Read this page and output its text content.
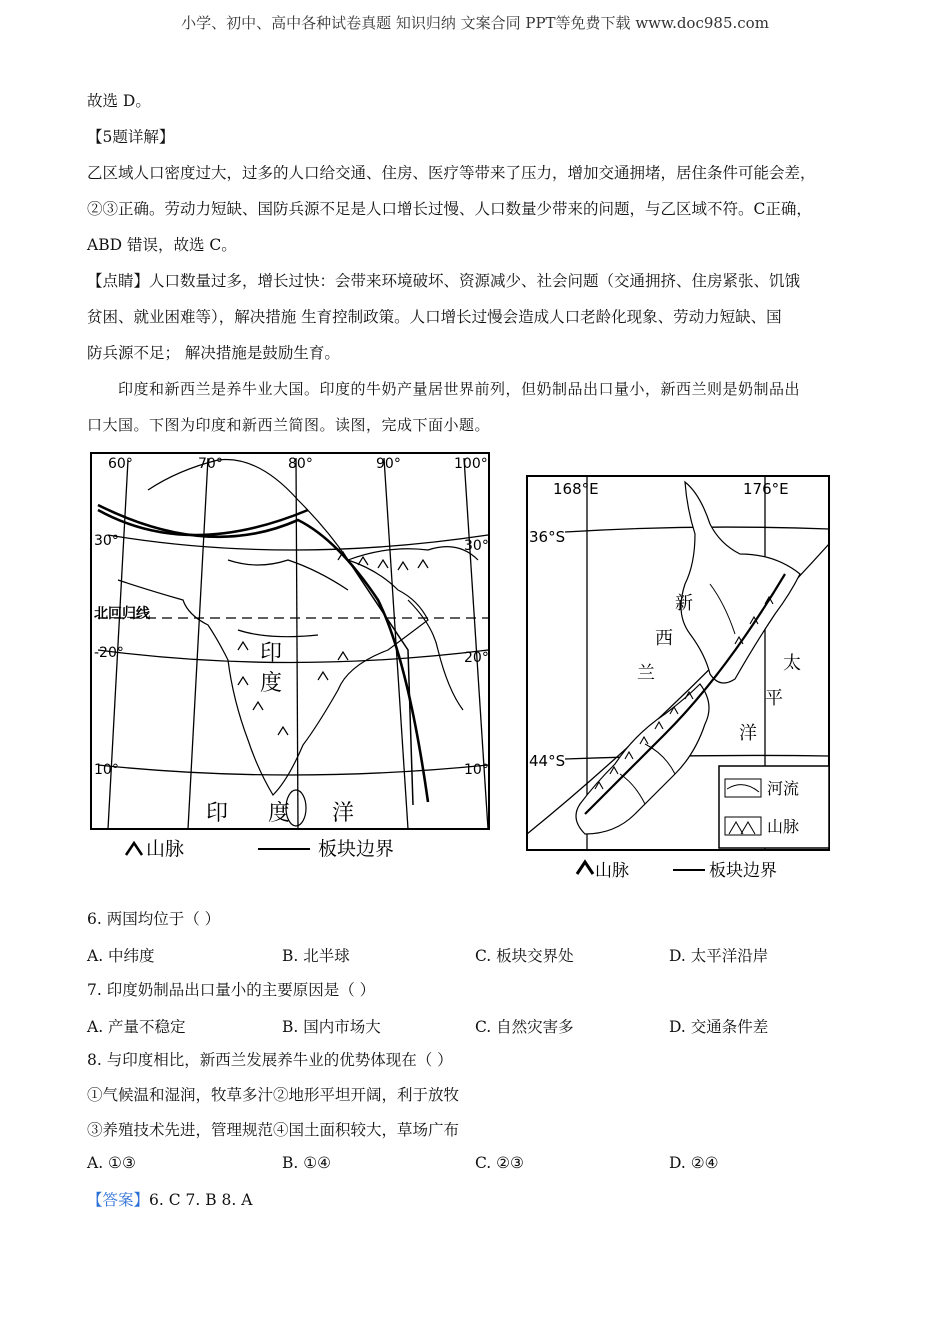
小学、初中、高中各种试卷真题 知识归纳 文案合同 PPT等免费下载 www.doc985.com
故选 D。
【5题详解】
乙区域人口密度过大，过多的人口给交通、住房、医疗等带来了压力，增加交通拥堵，居住条件可能会差，
②③正确。劳动力短缺、国防兵源不足是人口增长过慢、人口数量少带来的问题，与乙区域不符。C正确，
ABD 错误，故选 C。
【点睛】人口数量过多，增长过快：会带来环境破坏、资源减少、社会问题（交通拥挤、住房紧张、饥饿
贫困、就业困难等），解决措施 生育控制政策。人口增长过慢会造成人口老龄化现象、劳动力短缺、国
防兵源不足； 解决措施是鼓励生育。
印度和新西兰是养牛业大国。印度的牛奶产量居世界前列，但奶制品出口量小，新西兰则是奶制品出
口大国。下图为印度和新西兰简图。读图，完成下面小题。
60°	70°	80°	90°	100°
30°	30°
-20°	20°
10°	10°
北回归线
印
度
印 度 洋
山脉	板块边界
168°E	176°E
36°S
44°S
新
西
兰	太
平
洋
河流
山脉
山脉	板块边界
6. 两国均位于（ ）
A. 中纬度	B. 北半球	C. 板块交界处	D. 太平洋沿岸
7. 印度奶制品出口量小的主要原因是（ ）
A. 产量不稳定	B. 国内市场大	C. 自然灾害多	D. 交通条件差
8. 与印度相比，新西兰发展养牛业的优势体现在（ ）
①气候温和湿润，牧草多汁②地形平坦开阔，利于放牧
③养殖技术先进，管理规范④国土面积较大，草场广布
A. ①③	B. ①④	C. ②③	D. ②④
【答案】6. C 7. B 8. A
